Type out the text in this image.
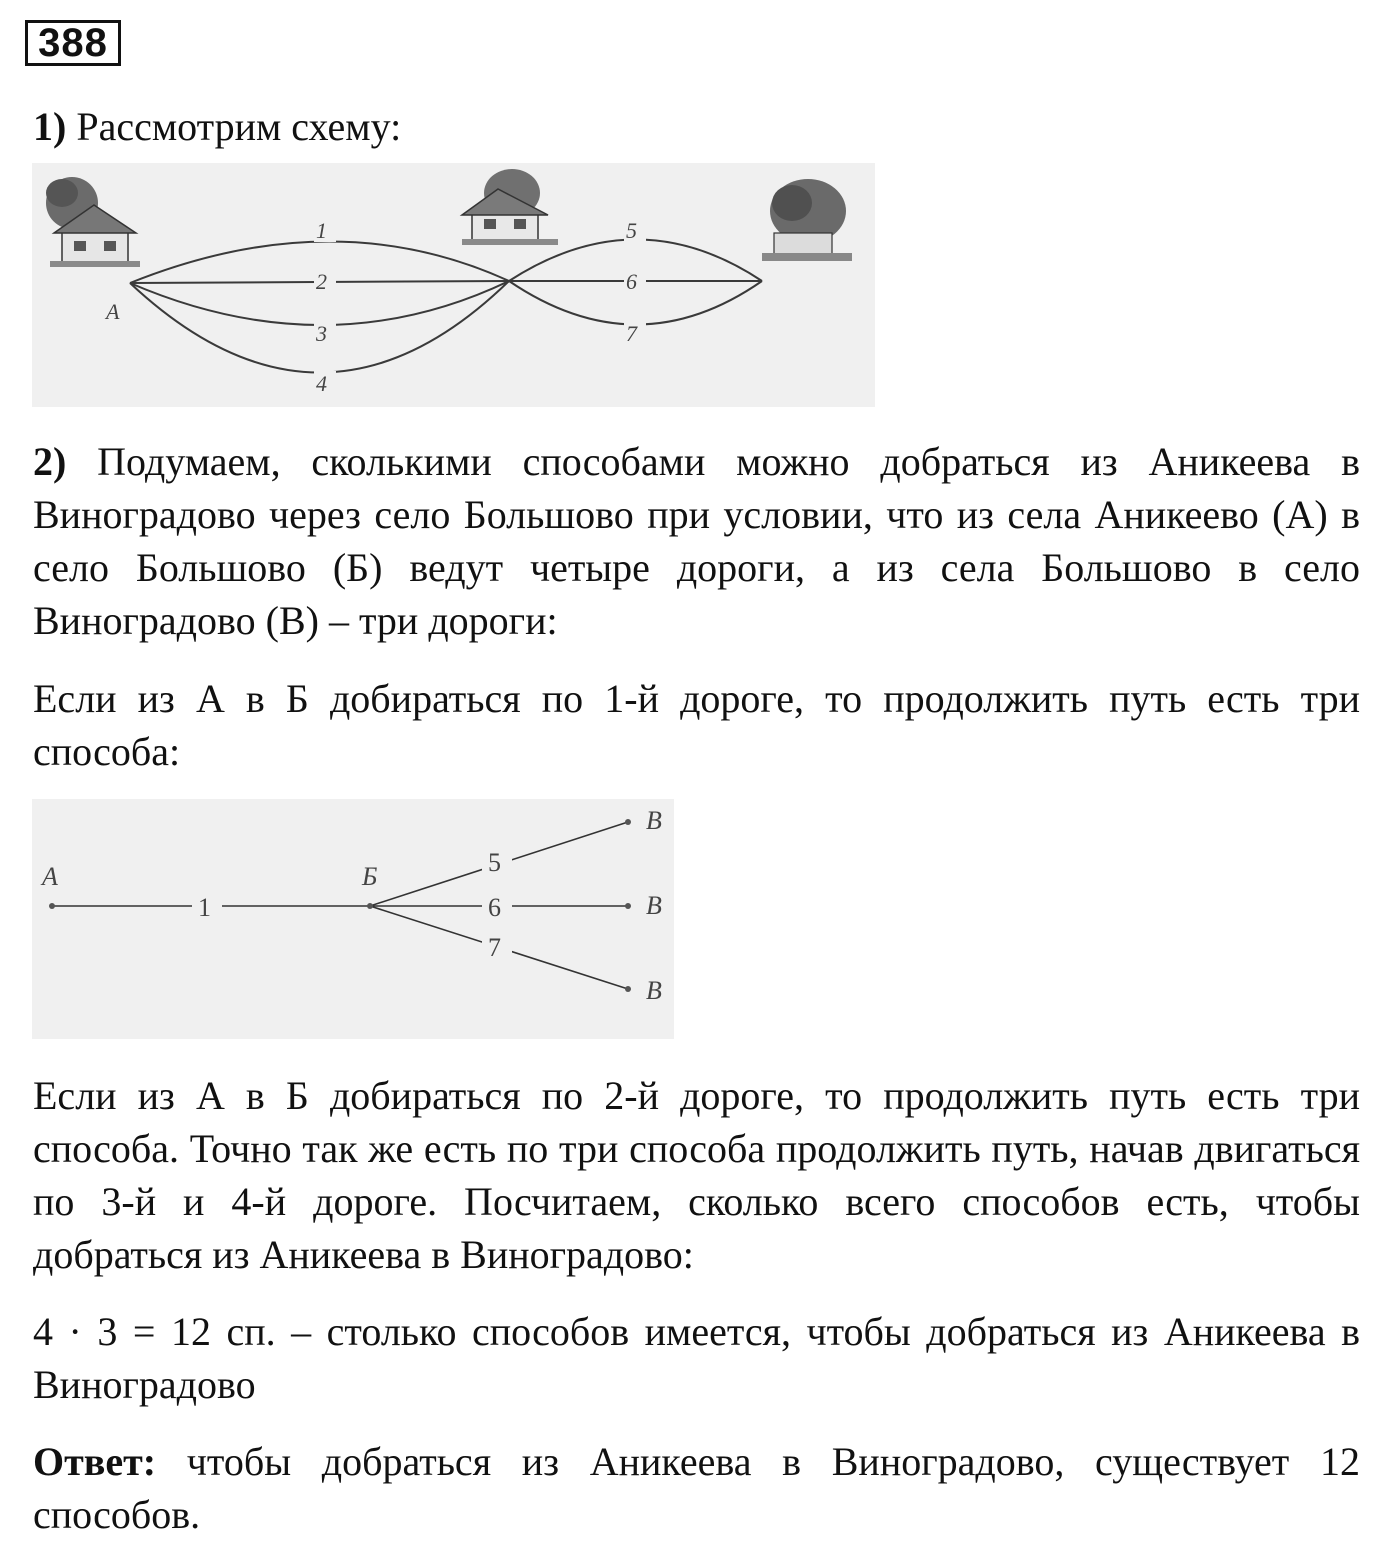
388

1) Рассмотрим схему:

1
2
3
4
5
6
7
А

2) Подумаем, сколькими способами можно добраться из Аникеева в Виноградово через село Большово при условии, что из села Аникеево (А) в село Большово (Б) ведут четыре дороги, а из села Большово в село Виноградово (В) – три дороги:

Если из А в Б добираться по 1-й дороге, то продолжить путь есть три способа:

А	Б
1
5
6
7
В
В
В

Если из А в Б добираться по 2-й дороге, то продолжить путь есть три способа. Точно так же есть по три способа продолжить путь, начав двигаться по 3-й и 4-й дороге. Посчитаем, сколько всего способов есть, чтобы добраться из Аникеева в Виноградово:

4 · 3 = 12 сп. – столько способов имеется, чтобы добраться из Аникеева в Виноградово

Ответ: чтобы добраться из Аникеева в Виноградово, существует 12 способов.
